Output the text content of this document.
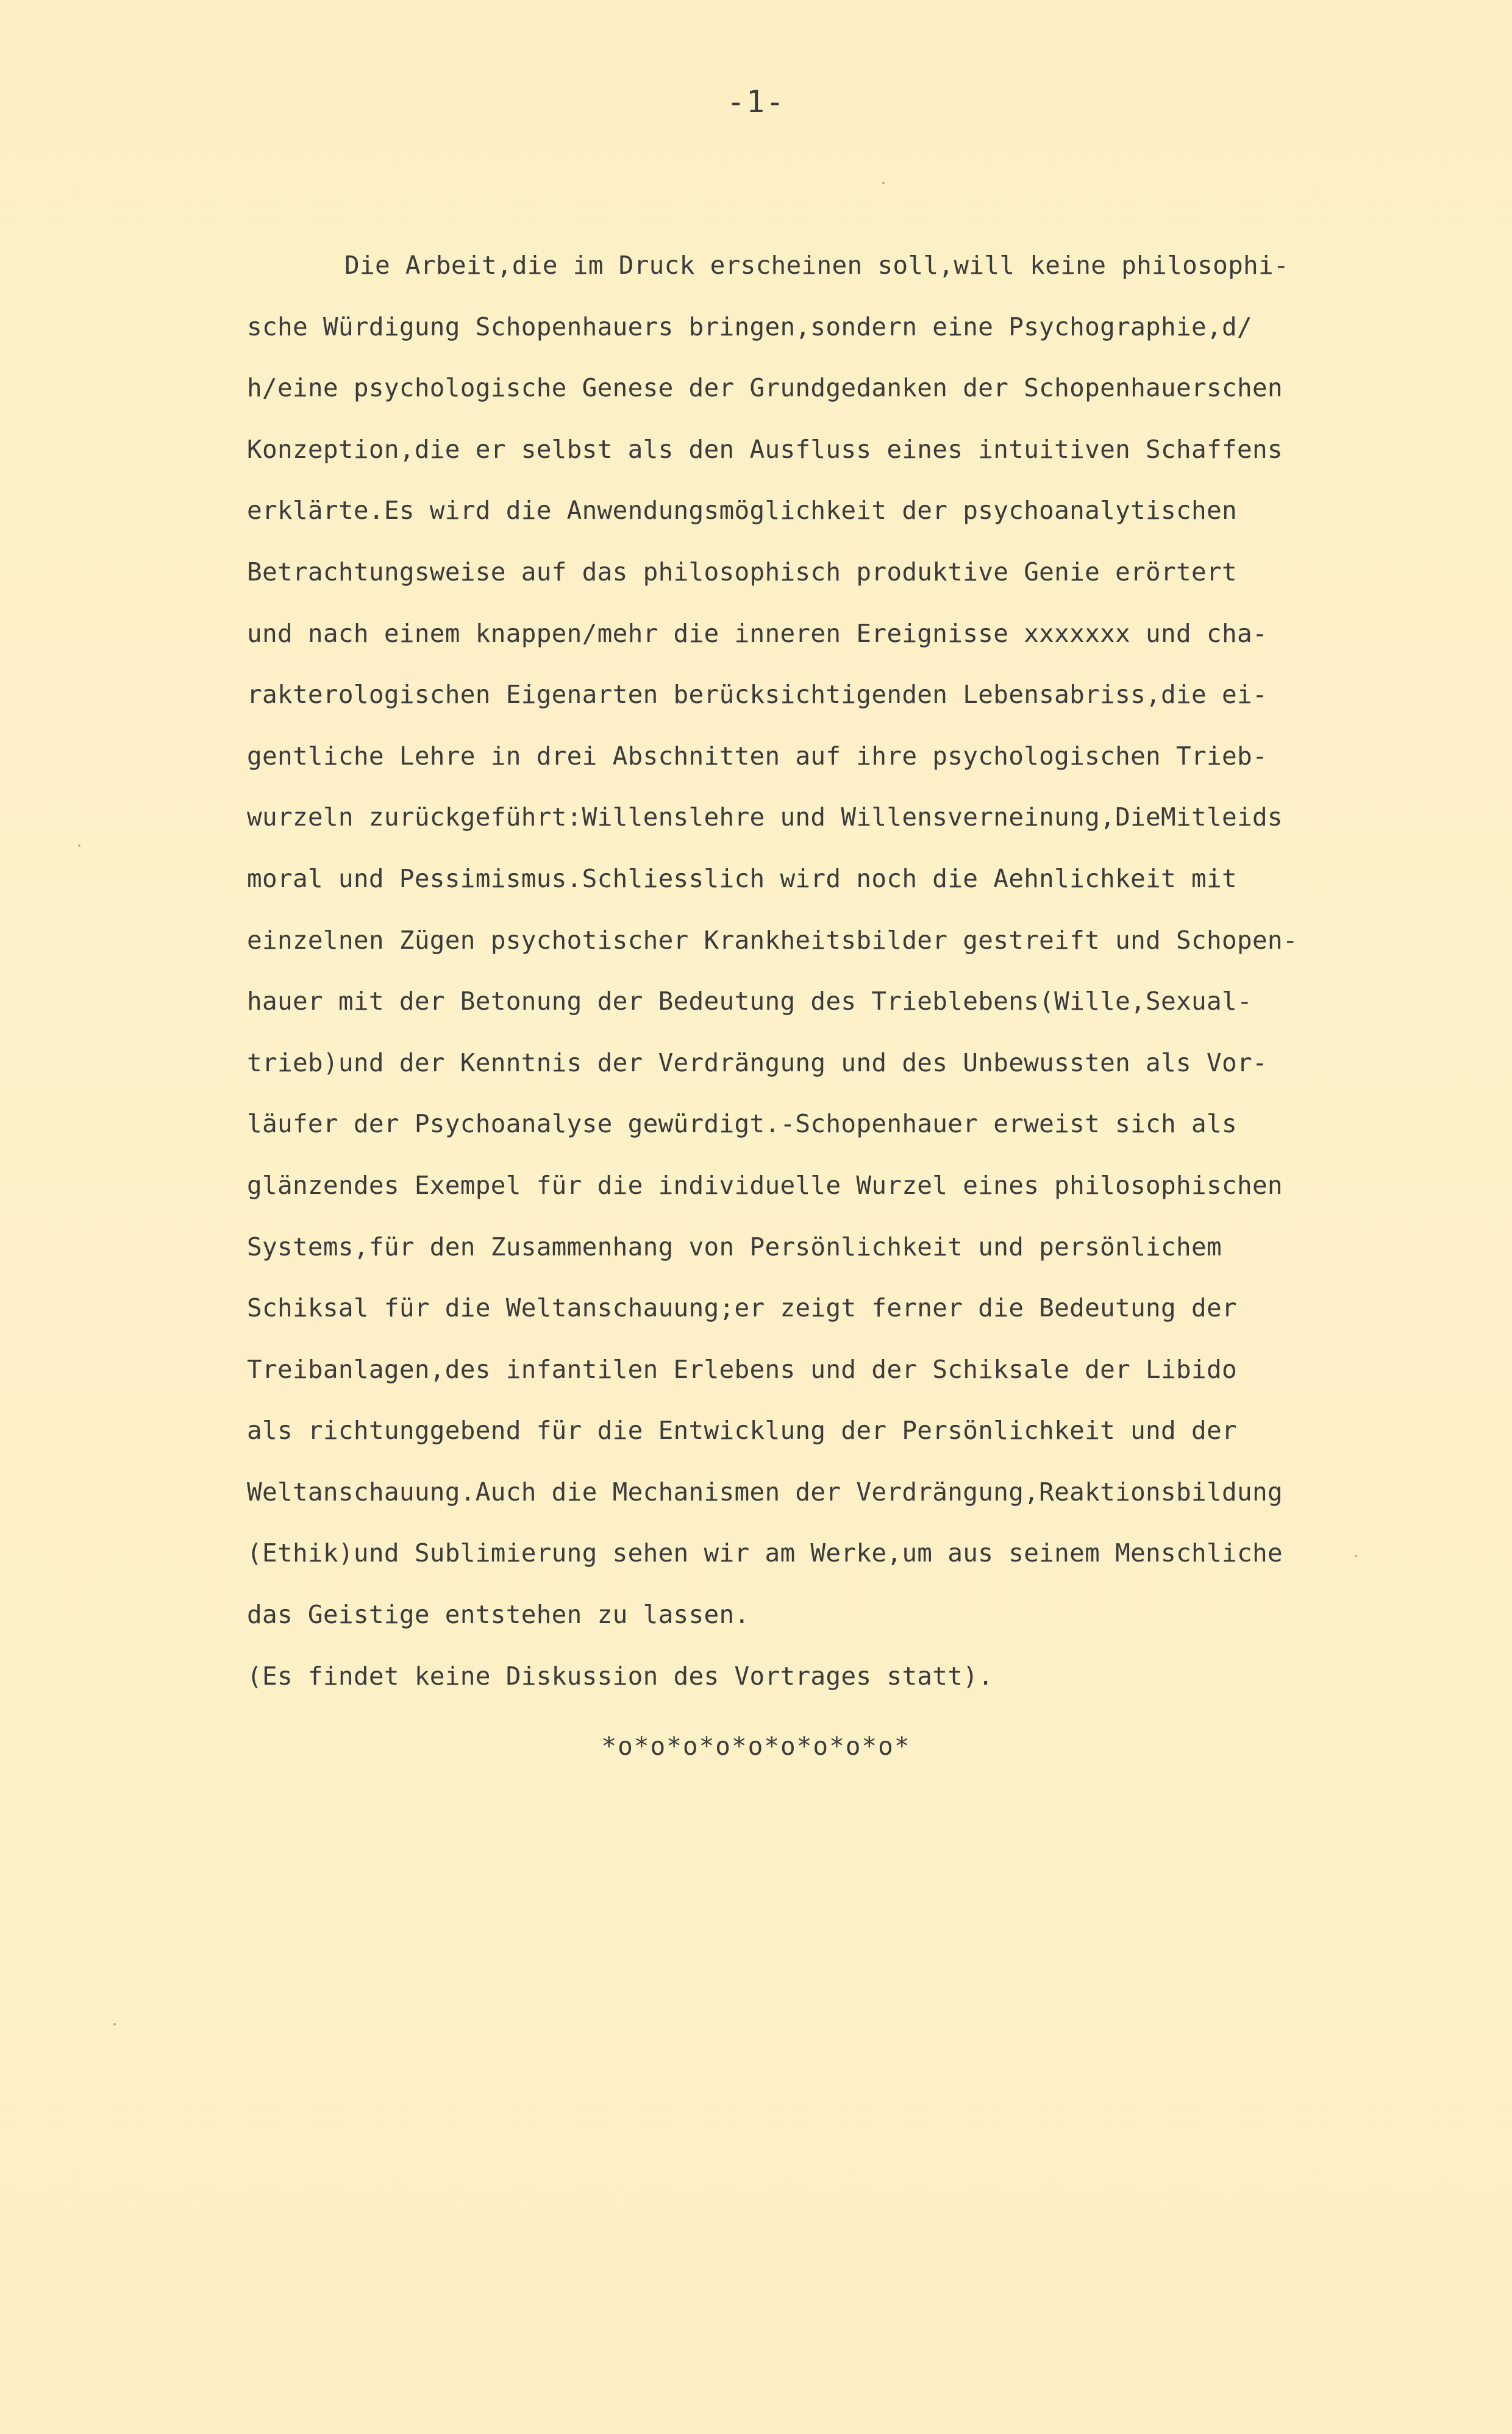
-1-
Die Arbeit,die im Druck erscheinen soll,will keine philosophi-
sche Würdigung Schopenhauers bringen,sondern eine Psychographie,d/
h/eine psychologische Genese der Grundgedanken der Schopenhauerschen
Konzeption,die er selbst als den Ausfluss eines intuitiven Schaffens
erklärte.Es wird die Anwendungsmöglichkeit der psychoanalytischen
Betrachtungsweise auf das philosophisch produktive Genie erörtert
und nach einem knappen/mehr die inneren Ereignisse xxxxxxx und cha-
rakterologischen Eigenarten berücksichtigenden Lebensabriss,die ei-
gentliche Lehre in drei Abschnitten auf ihre psychologischen Trieb-
wurzeln zurückgeführt:Willenslehre und Willensverneinung,DieMitleids
moral und Pessimismus.Schliesslich wird noch die Aehnlichkeit mit
einzelnen Zügen psychotischer Krankheitsbilder gestreift und Schopen-
hauer mit der Betonung der Bedeutung des Trieblebens(Wille,Sexual-
trieb)und der Kenntnis der Verdrängung und des Unbewussten als Vor-
läufer der Psychoanalyse gewürdigt.-Schopenhauer erweist sich als
glänzendes Exempel für die individuelle Wurzel eines philosophischen
Systems,für den Zusammenhang von Persönlichkeit und persönlichem
Schiksal für die Weltanschauung;er zeigt ferner die Bedeutung der
Treibanlagen,des infantilen Erlebens und der Schiksale der Libido
als richtunggebend für die Entwicklung der Persönlichkeit und der
Weltanschauung.Auch die Mechanismen der Verdrängung,Reaktionsbildung
(Ethik)und Sublimierung sehen wir am Werke,um aus seinem Menschliche
das Geistige entstehen zu lassen.
(Es findet keine Diskussion des Vortrages statt).
*o*o*o*o*o*o*o*o*o*
